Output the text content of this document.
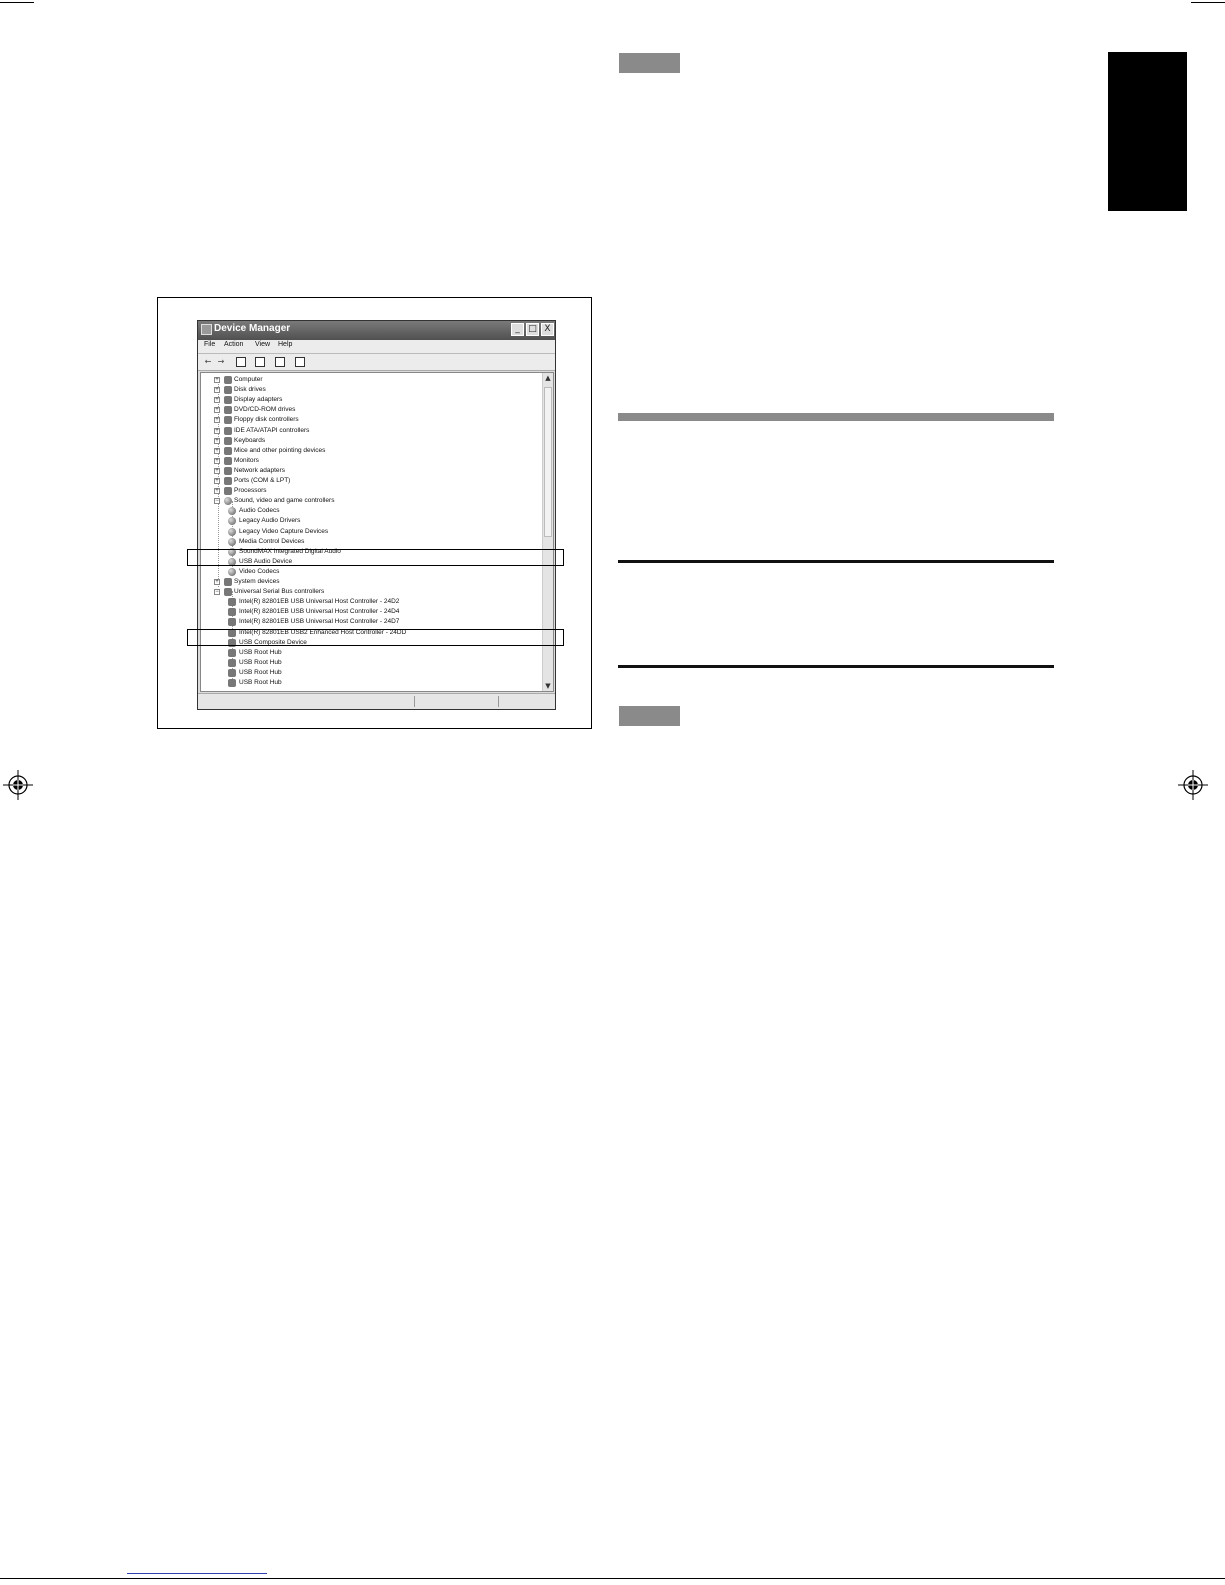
Device Manager	_ □ X
File Action View Help
← →
+ Computer
+ Disk drives
+ Display adapters
+ DVD/CD-ROM drives
+ Floppy disk controllers
+ IDE ATA/ATAPI controllers
+ Keyboards
+ Mice and other pointing devices
+ Monitors
+ Network adapters
+ Ports (COM & LPT)
+ Processors
− Sound, video and game controllers
Audio Codecs
Legacy Audio Drivers
Legacy Video Capture Devices
Media Control Devices
SoundMAX Integrated Digital Audio
USB Audio Device
Video Codecs
+ System devices
− Universal Serial Bus controllers
Intel(R) 82801EB USB Universal Host Controller - 24D2
Intel(R) 82801EB USB Universal Host Controller - 24D4
Intel(R) 82801EB USB Universal Host Controller - 24D7
Intel(R) 82801EB USB2 Enhanced Host Controller - 24DD
USB Composite Device
USB Root Hub
USB Root Hub
USB Root Hub
USB Root Hub
▲
▼
